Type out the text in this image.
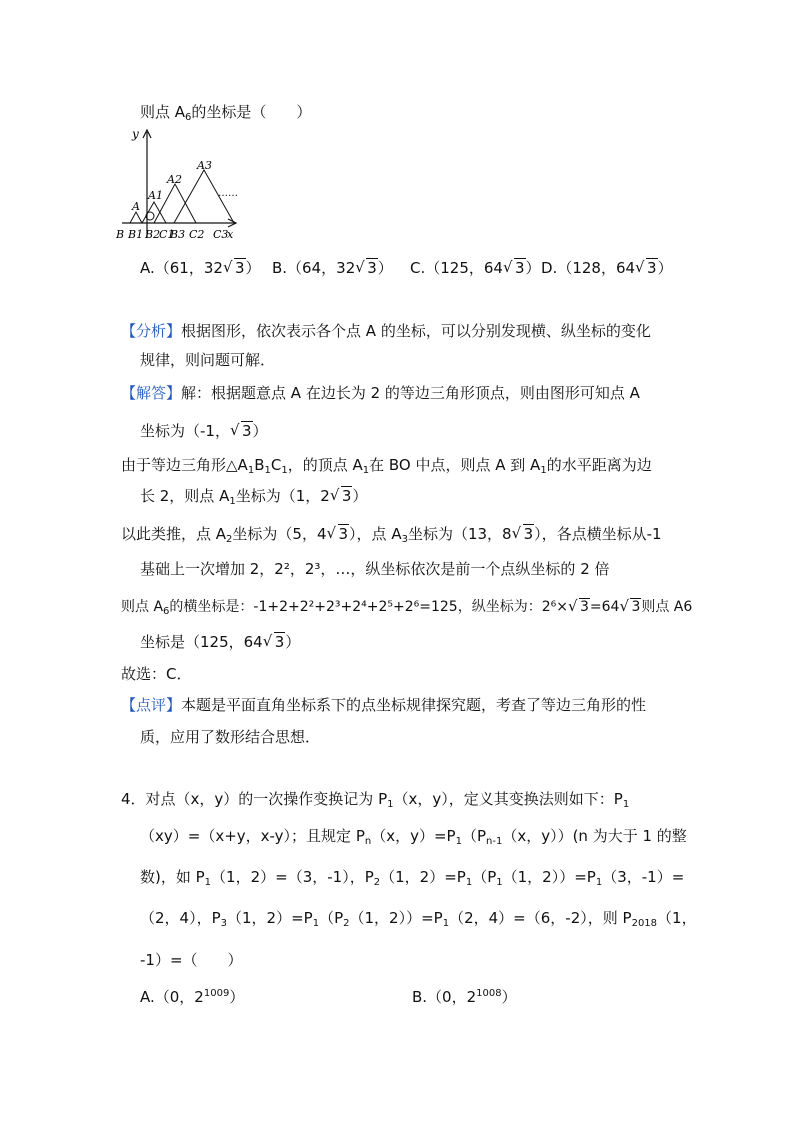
则点 $A_6$的坐标是（　　）
y
……
A
A1
A2
A3
B B1 B2
C1
B3 C2 C3
x
A.（61，32 √ 3） B.（64，32 √ 3） C.（125，64 √ 3） D.（128，64 √ 3）
【分析】根据图形，依次表示各个点 A 的坐标，可以分别发现横、纵坐标的变化
规律，则问题可解．
【解答】解：根据题意点 A 在边长为 2 的等边三角形顶点，则由图形可知点 A
坐标为（-1， √ 3）
由于等边三角形$\triangle A_1B_1C_1$，的顶点 $A_1$在 BO 中点，则点 A 到 $A_1$的水平距离为边
长 2，则点 $A_1$坐标为（1，2 √ 3）
以此类推，点 $A_2$坐标为（5，4 √ 3），点 $A_3$坐标为（13，8 √ 3），各点横坐标从-1
基础上一次增加 2，2²，2³，…，纵坐标依次是前一个点纵坐标的 2 倍
则点 $A_6$的横坐标是：-1+2+2²+2³+2⁴+2⁵+2⁶=125，纵坐标为：2⁶× √ 3=64 √ 3则点 A6
坐标是（125，64 √ 3）
故选：C．
【点评】本题是平面直角坐标系下的点坐标规律探究题，考查了等边三角形的性
质，应用了数形结合思想．
4．对点（x，y）的一次操作变换记为 $P_1(x$，y），定义其变换法则如下：$P_1$
（xy）=（x+y，x-y）；且规定 $P_n(x$，$y)=P_1(P_{n-1}(x$，y））(n 为大于 1 的整
数)，如 $P_1(1$，2）=（3，-1），$P_2(1$，$2)=P_1(P_1(1$，$2))=P_1(3$，-1）=
（2，4），$P_3(1$，$2)=P_1(P_2(1$，$2))=P_1(2$，4）=（6，-2），则 $P_{2018}(1$，
-1）=（　　）
A.（0，$2^{1009}$）	B.（0，$2^{1008}$）
